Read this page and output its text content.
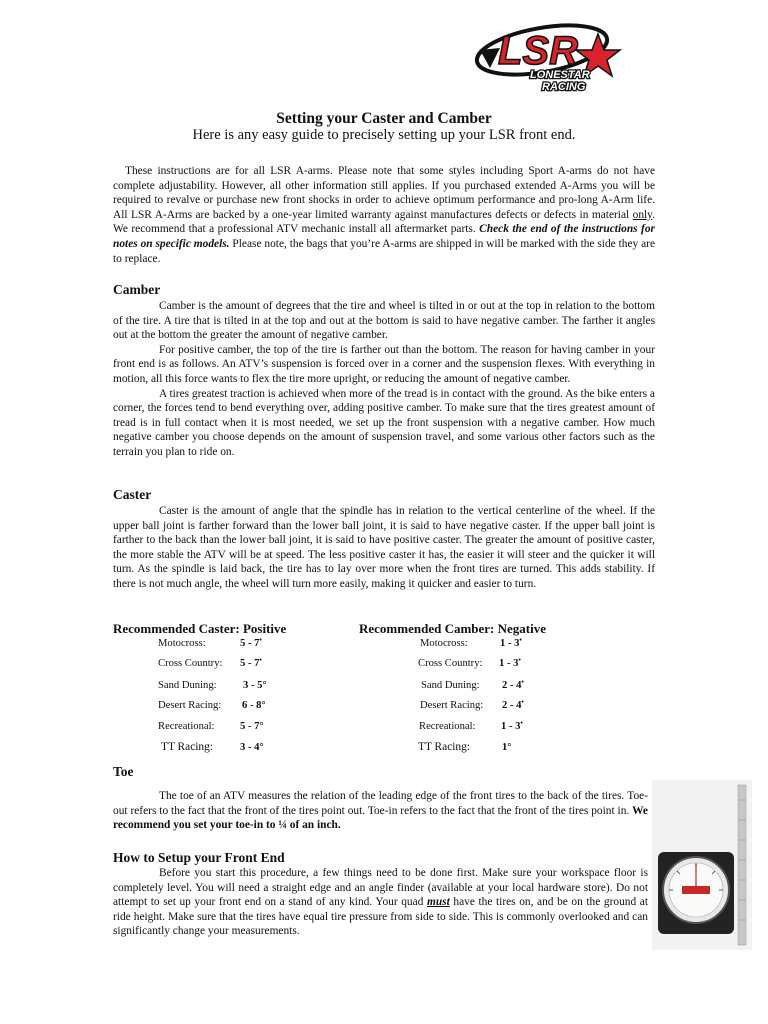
LSR
LONESTAR
RACING
Setting your Caster and Camber
Here is any easy guide to precisely setting up your LSR front end.
These instructions are for all LSR A-arms. Please note that some styles including Sport A-arms do not have complete adjustability. However, all other information still applies. If you purchased extended A-Arms you will be required to revalve or purchase new front shocks in order to achieve optimum performance and pro-long A-Arm life. All LSR A-Arms are backed by a one-year limited warranty against manufactures defects or defects in material only. We recommend that a professional ATV mechanic install all aftermarket parts. Check the end of the instructions for notes on specific models. Please note, the bags that you’re A-arms are shipped in will be marked with the side they are to replace.
Camber
Camber is the amount of degrees that the tire and wheel is tilted in or out at the top in relation to the bottom of the tire. A tire that is tilted in at the top and out at the bottom is said to have negative camber. The farther it angles out at the bottom the greater the amount of negative camber.
For positive camber, the top of the tire is farther out than the bottom. The reason for having camber in your front end is as follows. An ATV’s suspension is forced over in a corner and the suspension flexes. With everything in motion, all this force wants to flex the tire more upright, or reducing the amount of negative camber.
A tires greatest traction is achieved when more of the tread is in contact with the ground. As the bike enters a corner, the forces tend to bend everything over, adding positive camber. To make sure that the tires greatest amount of tread is in full contact when it is most needed, we set up the front suspension with a negative camber. How much negative camber you choose depends on the amount of suspension travel, and some various other factors such as the terrain you plan to ride on.
Caster
Caster is the amount of angle that the spindle has in relation to the vertical centerline of the wheel. If the upper ball joint is farther forward than the lower ball joint, it is said to have negative caster. If the upper ball joint is farther to the back than the lower ball joint, it is said to have positive caster. The greater the amount of positive caster, the more stable the ATV will be at speed. The less positive caster it has, the easier it will steer and the quicker it will turn. As the spindle is laid back, the tire has to lay over more when the front tires are turned. This adds stability. If there is not much angle, the wheel will turn more easily, making it quicker and easier to turn.
Recommended Caster: Positive	Recommended Camber: Negative
Motocross:	5 - 7•
Cross Country: 5 - 7•
Sand Duning: 3 - 5°
Desert Racing: 6 - 8°
Recreational: 5 - 7°
TT Racing:	3 - 4°
Motocross:	1 - 3•
Cross Country: 1 - 3•
Sand Duning: 2 - 4•
Desert Racing: 2 - 4•
Recreational: 1 - 3•
TT Racing:	1°
Toe
The toe of an ATV measures the relation of the leading edge of the front tires to the back of the tires. Toe-out refers to the fact that the front of the tires point out. Toe-in refers to the fact that the front of the tires point in. We recommend you set your toe-in to ¼ of an inch.
How to Setup your Front End
Before you start this procedure, a few things need to be done first. Make sure your workspace floor is completely level. You will need a straight edge and an angle finder (available at your local hardware store). Do not attempt to set up your front end on a stand of any kind. Your quad must have the tires on, and be on the ground at ride height. Make sure that the tires have equal tire pressure from side to side. This is commonly overlooked and can significantly change your measurements.
